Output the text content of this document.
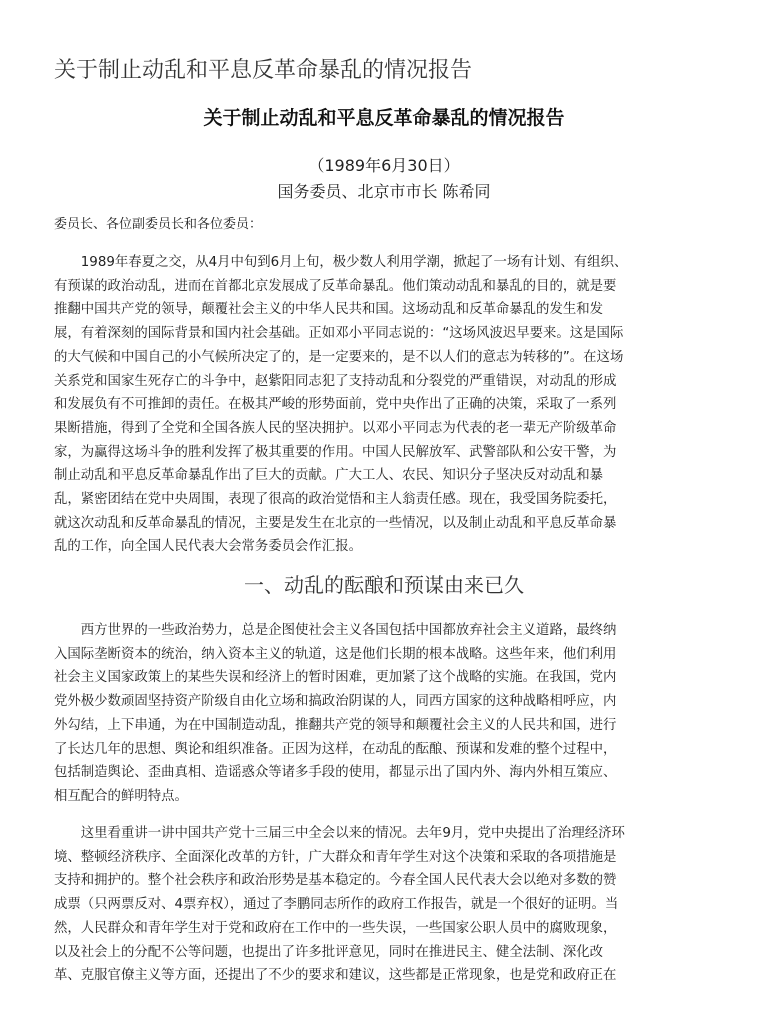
关于制止动乱和平息反革命暴乱的情况报告
关于制止动乱和平息反革命暴乱的情况报告
（1989年6月30日）
国务委员、北京市市长 陈希同
委员长、各位副委员长和各位委员：
　　1989年春夏之交，从4月中旬到6月上旬，极少数人利用学潮，掀起了一场有计划、有组织、
有预谋的政治动乱，进而在首都北京发展成了反革命暴乱。他们策动动乱和暴乱的目的，就是要
推翻中国共产党的领导，颠覆社会主义的中华人民共和国。这场动乱和反革命暴乱的发生和发
展，有着深刻的国际背景和国内社会基础。正如邓小平同志说的：“这场风波迟早要来。这是国际
的大气候和中国自己的小气候所决定了的，是一定要来的，是不以人们的意志为转移的”。在这场
关系党和国家生死存亡的斗争中，赵紫阳同志犯了支持动乱和分裂党的严重错误，对动乱的形成
和发展负有不可推卸的责任。在极其严峻的形势面前，党中央作出了正确的决策，采取了一系列
果断措施，得到了全党和全国各族人民的坚决拥护。以邓小平同志为代表的老一辈无产阶级革命
家，为赢得这场斗争的胜利发挥了极其重要的作用。中国人民解放军、武警部队和公安干警，为
制止动乱和平息反革命暴乱作出了巨大的贡献。广大工人、农民、知识分子坚决反对动乱和暴
乱，紧密团结在党中央周围，表现了很高的政治觉悟和主人翁责任感。现在，我受国务院委托，
就这次动乱和反革命暴乱的情况，主要是发生在北京的一些情况，以及制止动乱和平息反革命暴
乱的工作，向全国人民代表大会常务委员会作汇报。
一、动乱的酝酿和预谋由来已久
　　西方世界的一些政治势力，总是企图使社会主义各国包括中国都放弃社会主义道路，最终纳
入国际垄断资本的统治，纳入资本主义的轨道，这是他们长期的根本战略。这些年来，他们利用
社会主义国家政策上的某些失误和经济上的暂时困难，更加紧了这个战略的实施。在我国，党内
党外极少数顽固坚持资产阶级自由化立场和搞政治阴谋的人，同西方国家的这种战略相呼应，内
外勾结，上下串通，为在中国制造动乱，推翻共产党的领导和颠覆社会主义的人民共和国，进行
了长达几年的思想、舆论和组织准备。正因为这样，在动乱的酝酿、预谋和发难的整个过程中，
包括制造舆论、歪曲真相、造谣惑众等诸多手段的使用，都显示出了国内外、海内外相互策应、
相互配合的鲜明特点。
　　这里看重讲一讲中国共产党十三届三中全会以来的情况。去年9月，党中央提出了治理经济环
境、整顿经济秩序、全面深化改革的方针，广大群众和青年学生对这个决策和采取的各项措施是
支持和拥护的。整个社会秩序和政治形势是基本稳定的。今春全国人民代表大会以绝对多数的赞
成票（只两票反对、4票弃权），通过了李鹏同志所作的政府工作报告，就是一个很好的证明。当
然，人民群众和青年学生对于党和政府在工作中的一些失误，一些国家公职人员中的腐败现象，
以及社会上的分配不公等问题，也提出了许多批评意见，同时在推进民主、健全法制、深化改
革、克服官僚主义等方面，还提出了不少的要求和建议，这些都是正常现象，也是党和政府正在
